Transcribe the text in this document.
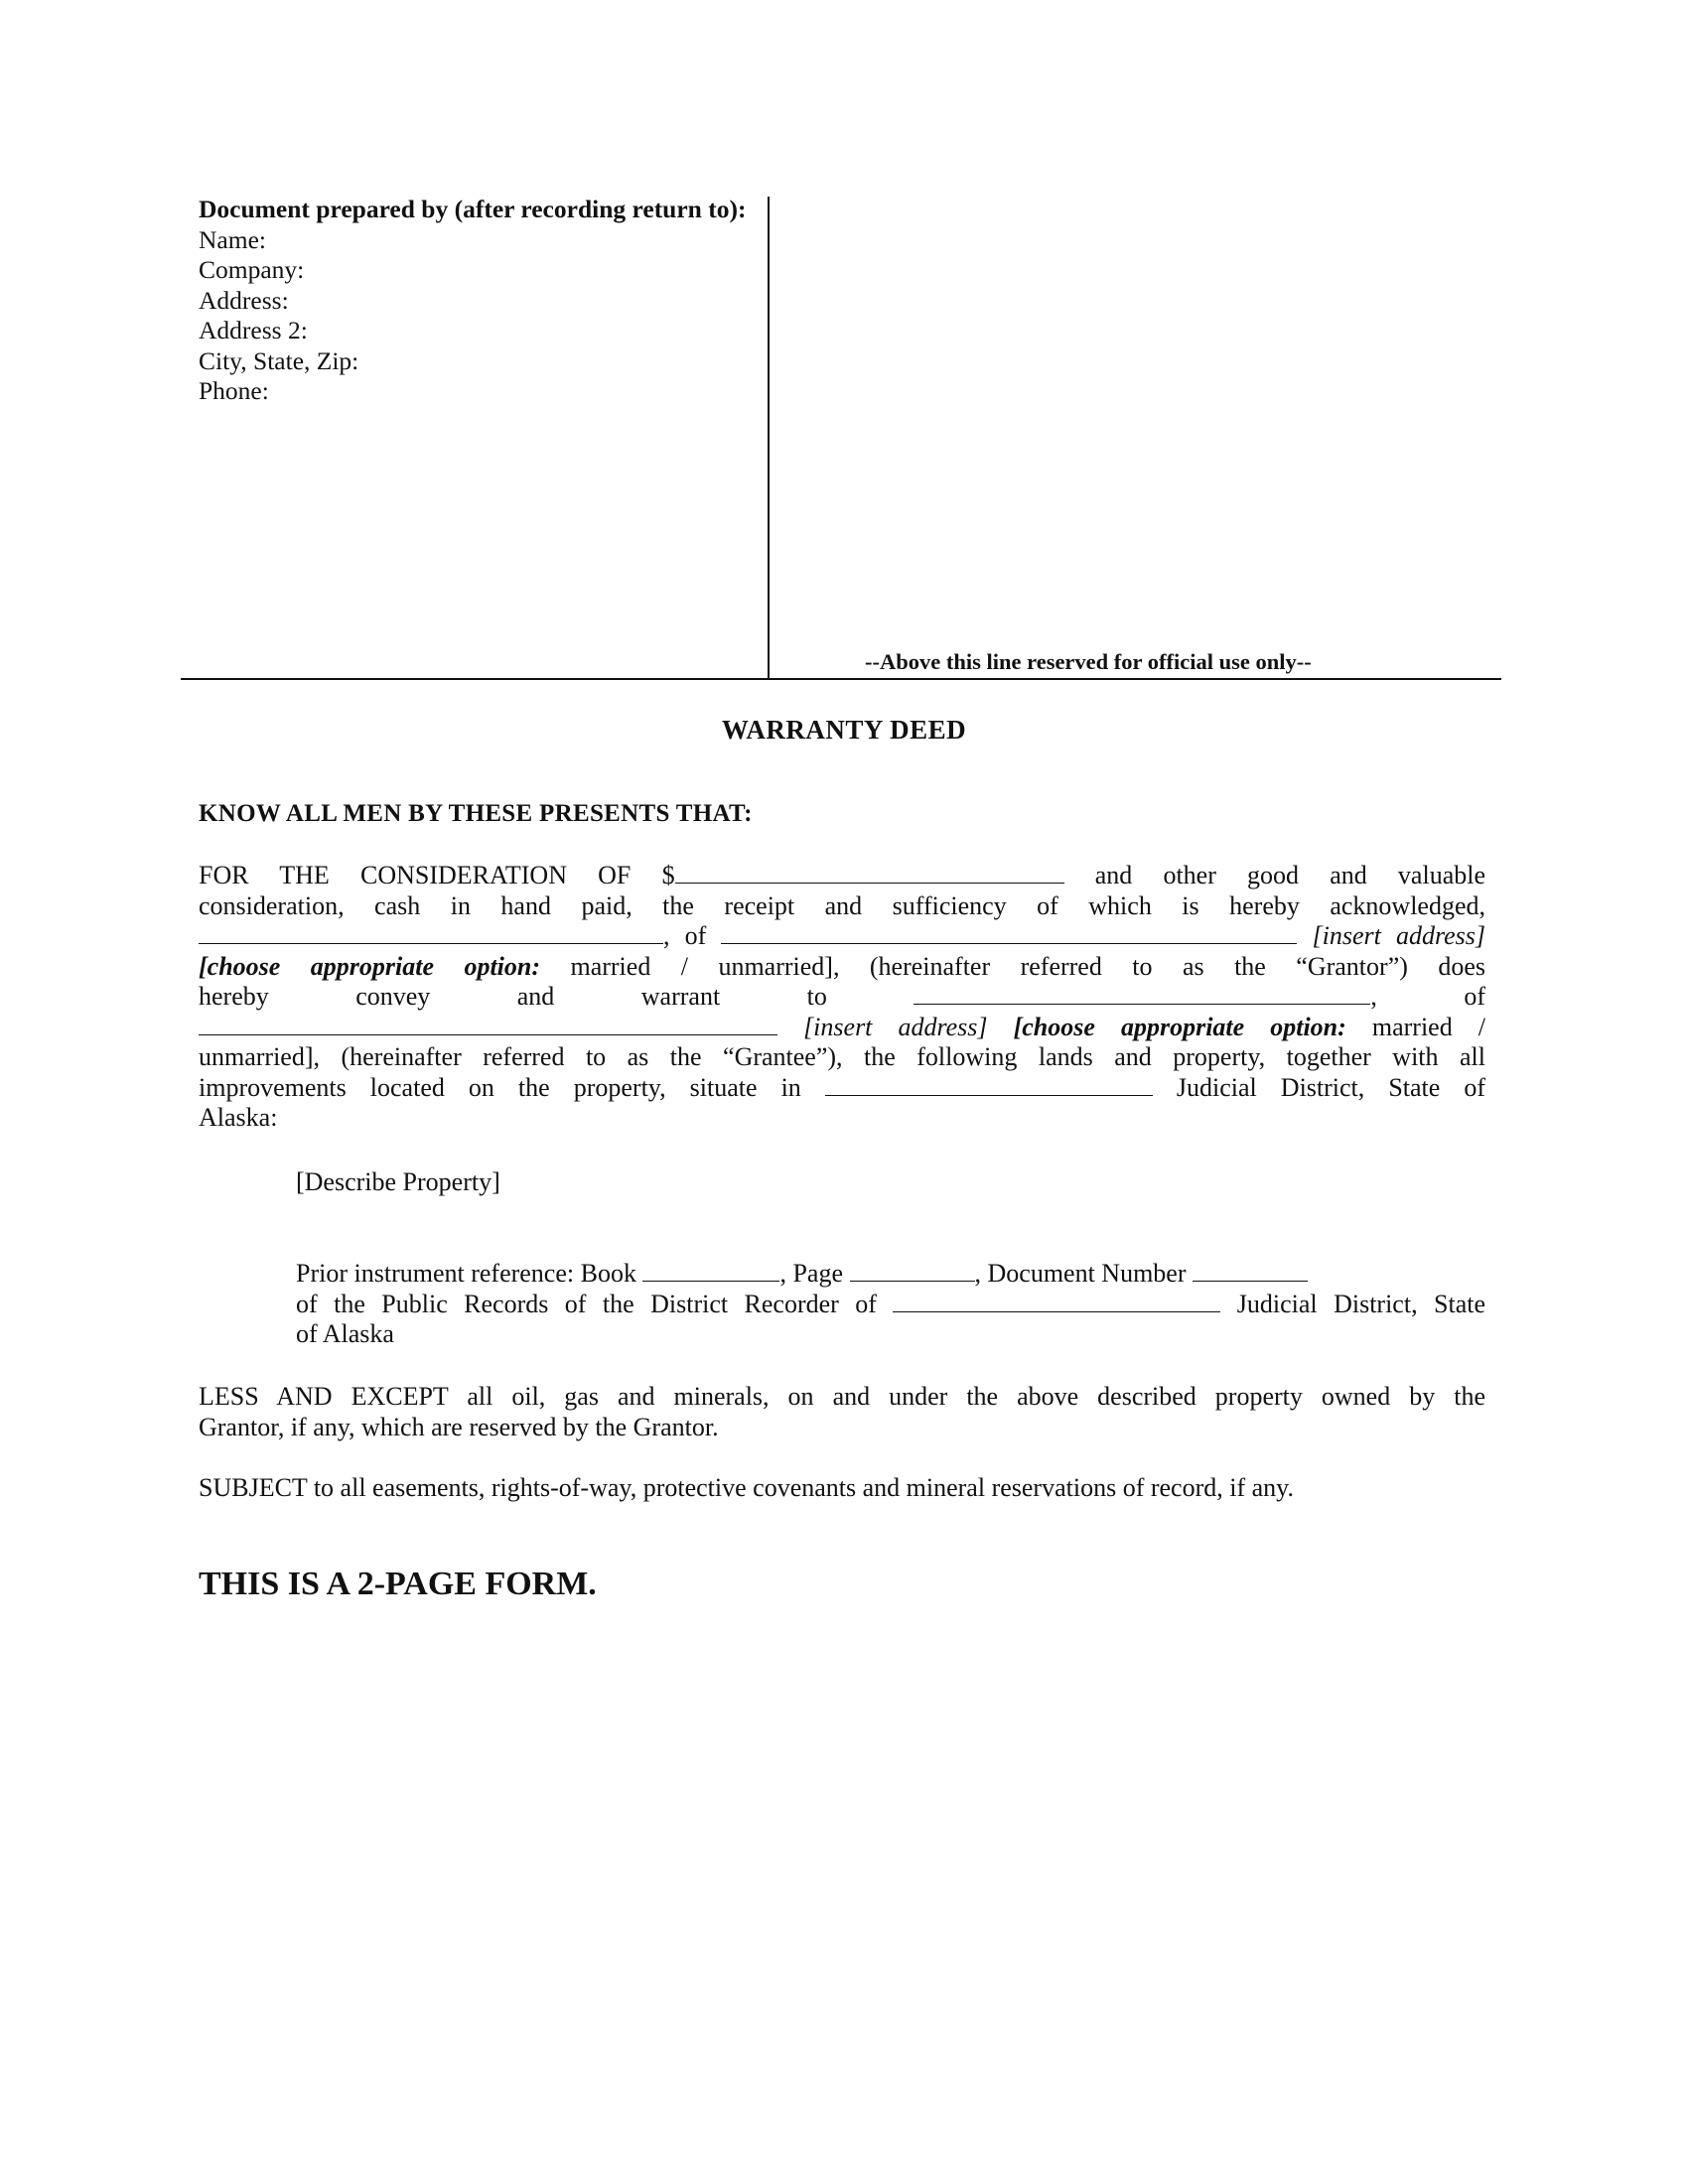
Document prepared by (after recording return to):
Name:
Company:
Address:
Address 2:
City, State, Zip:
Phone:
--Above this line reserved for official use only--
WARRANTY DEED
KNOW ALL MEN BY THESE PRESENTS THAT:
FOR THE CONSIDERATION OF $	and other good and valuable
consideration, cash in hand paid, the receipt and sufficiency of which is hereby acknowledged,
, of	[insert address]
[choose appropriate option: married / unmarried], (hereinafter referred to as the “Grantor”) does
hereby convey and warrant to	,	of
[insert address] [choose appropriate option: married /
unmarried], (hereinafter referred to as the “Grantee”), the following lands and property, together with all
improvements located on the property, situate in	Judicial District, State of
Alaska:
[Describe Property]
Prior instrument reference: Book	, Page	, Document Number
of the Public Records of the District Recorder of	Judicial District, State
of Alaska
LESS AND EXCEPT all oil, gas and minerals, on and under the above described property owned by the
Grantor, if any, which are reserved by the Grantor.
SUBJECT to all easements, rights-of-way, protective covenants and mineral reservations of record, if any.
THIS IS A 2-PAGE FORM.
